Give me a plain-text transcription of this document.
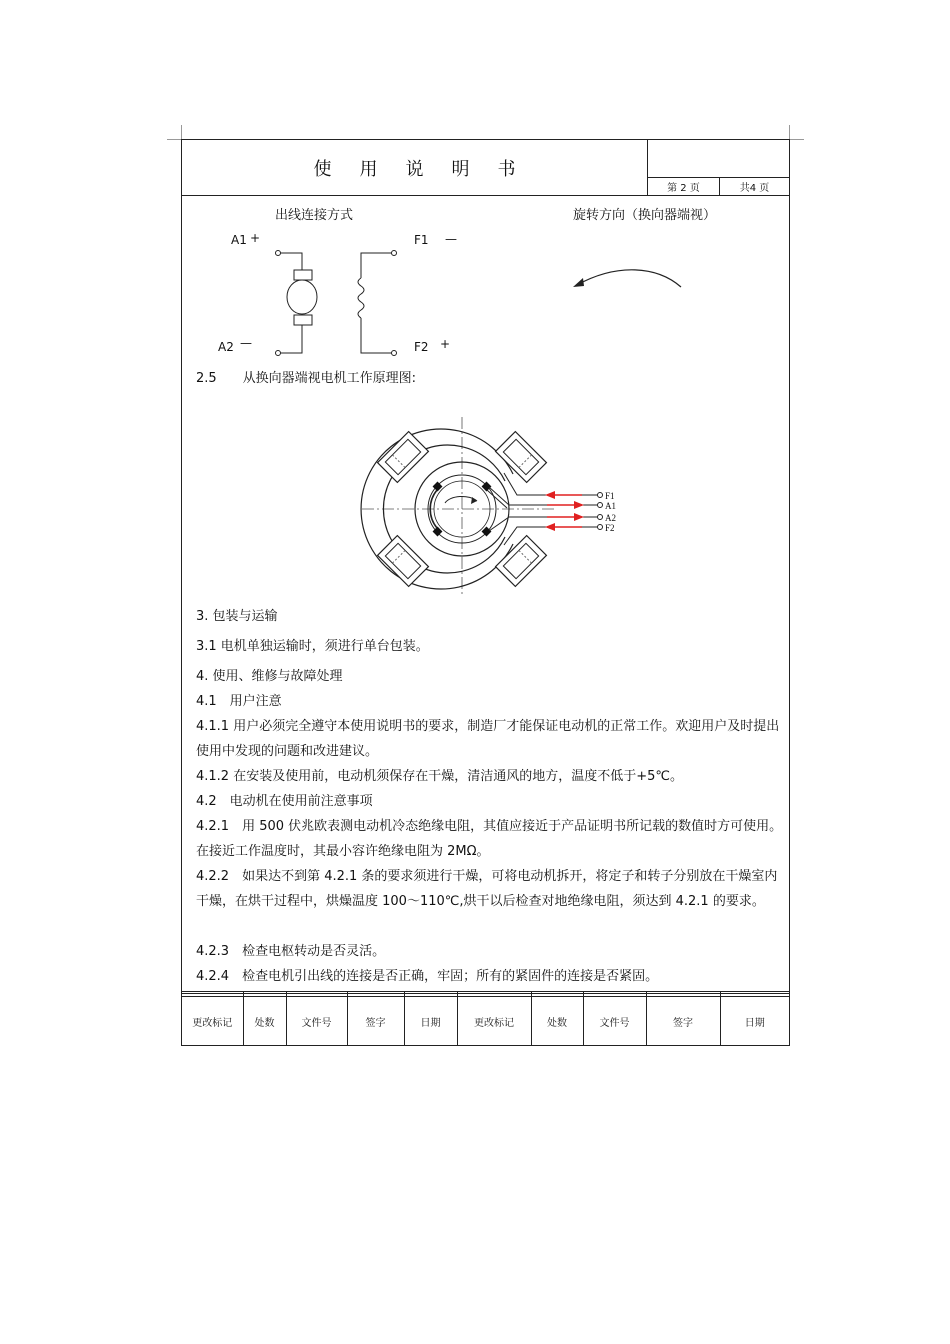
使 用 说 明 书
第 2 页	共4 页
出线连接方式	旋转方向（换向器端视）
A1 +
A2 —
F1 —
F2 +
2.5　　从换向器端视电机工作原理图:
F1
A1
A2
F2
3. 包装与运输
3.1 电机单独运输时，须进行单台包装。
4. 使用、维修与故障处理
4.1　用户注意
4.1.1 用户必须完全遵守本使用说明书的要求，制造厂才能保证电动机的正常工作。欢迎用户及时提出使用中发现的问题和改进建议。
4.1.2 在安装及使用前，电动机须保存在干燥，清洁通风的地方，温度不低于+5℃。
4.2　电动机在使用前注意事项
4.2.1　用 500 伏兆欧表测电动机冷态绝缘电阻，其值应接近于产品证明书所记载的数值时方可使用。在接近工作温度时，其最小容许绝缘电阻为 2MΩ。
4.2.2　如果达不到第 4.2.1 条的要求须进行干燥，可将电动机拆开，将定子和转子分别放在干燥室内干燥，在烘干过程中，烘燥温度 100～110℃,烘干以后检查对地绝缘电阻，须达到 4.2.1 的要求。
4.2.3　检查电枢转动是否灵活。
4.2.4　检查电机引出线的连接是否正确，牢固；所有的紧固件的连接是否紧固。

更改标记	处数	文件号	签字	日期	更改标记	处数	文件号	签字	日期
